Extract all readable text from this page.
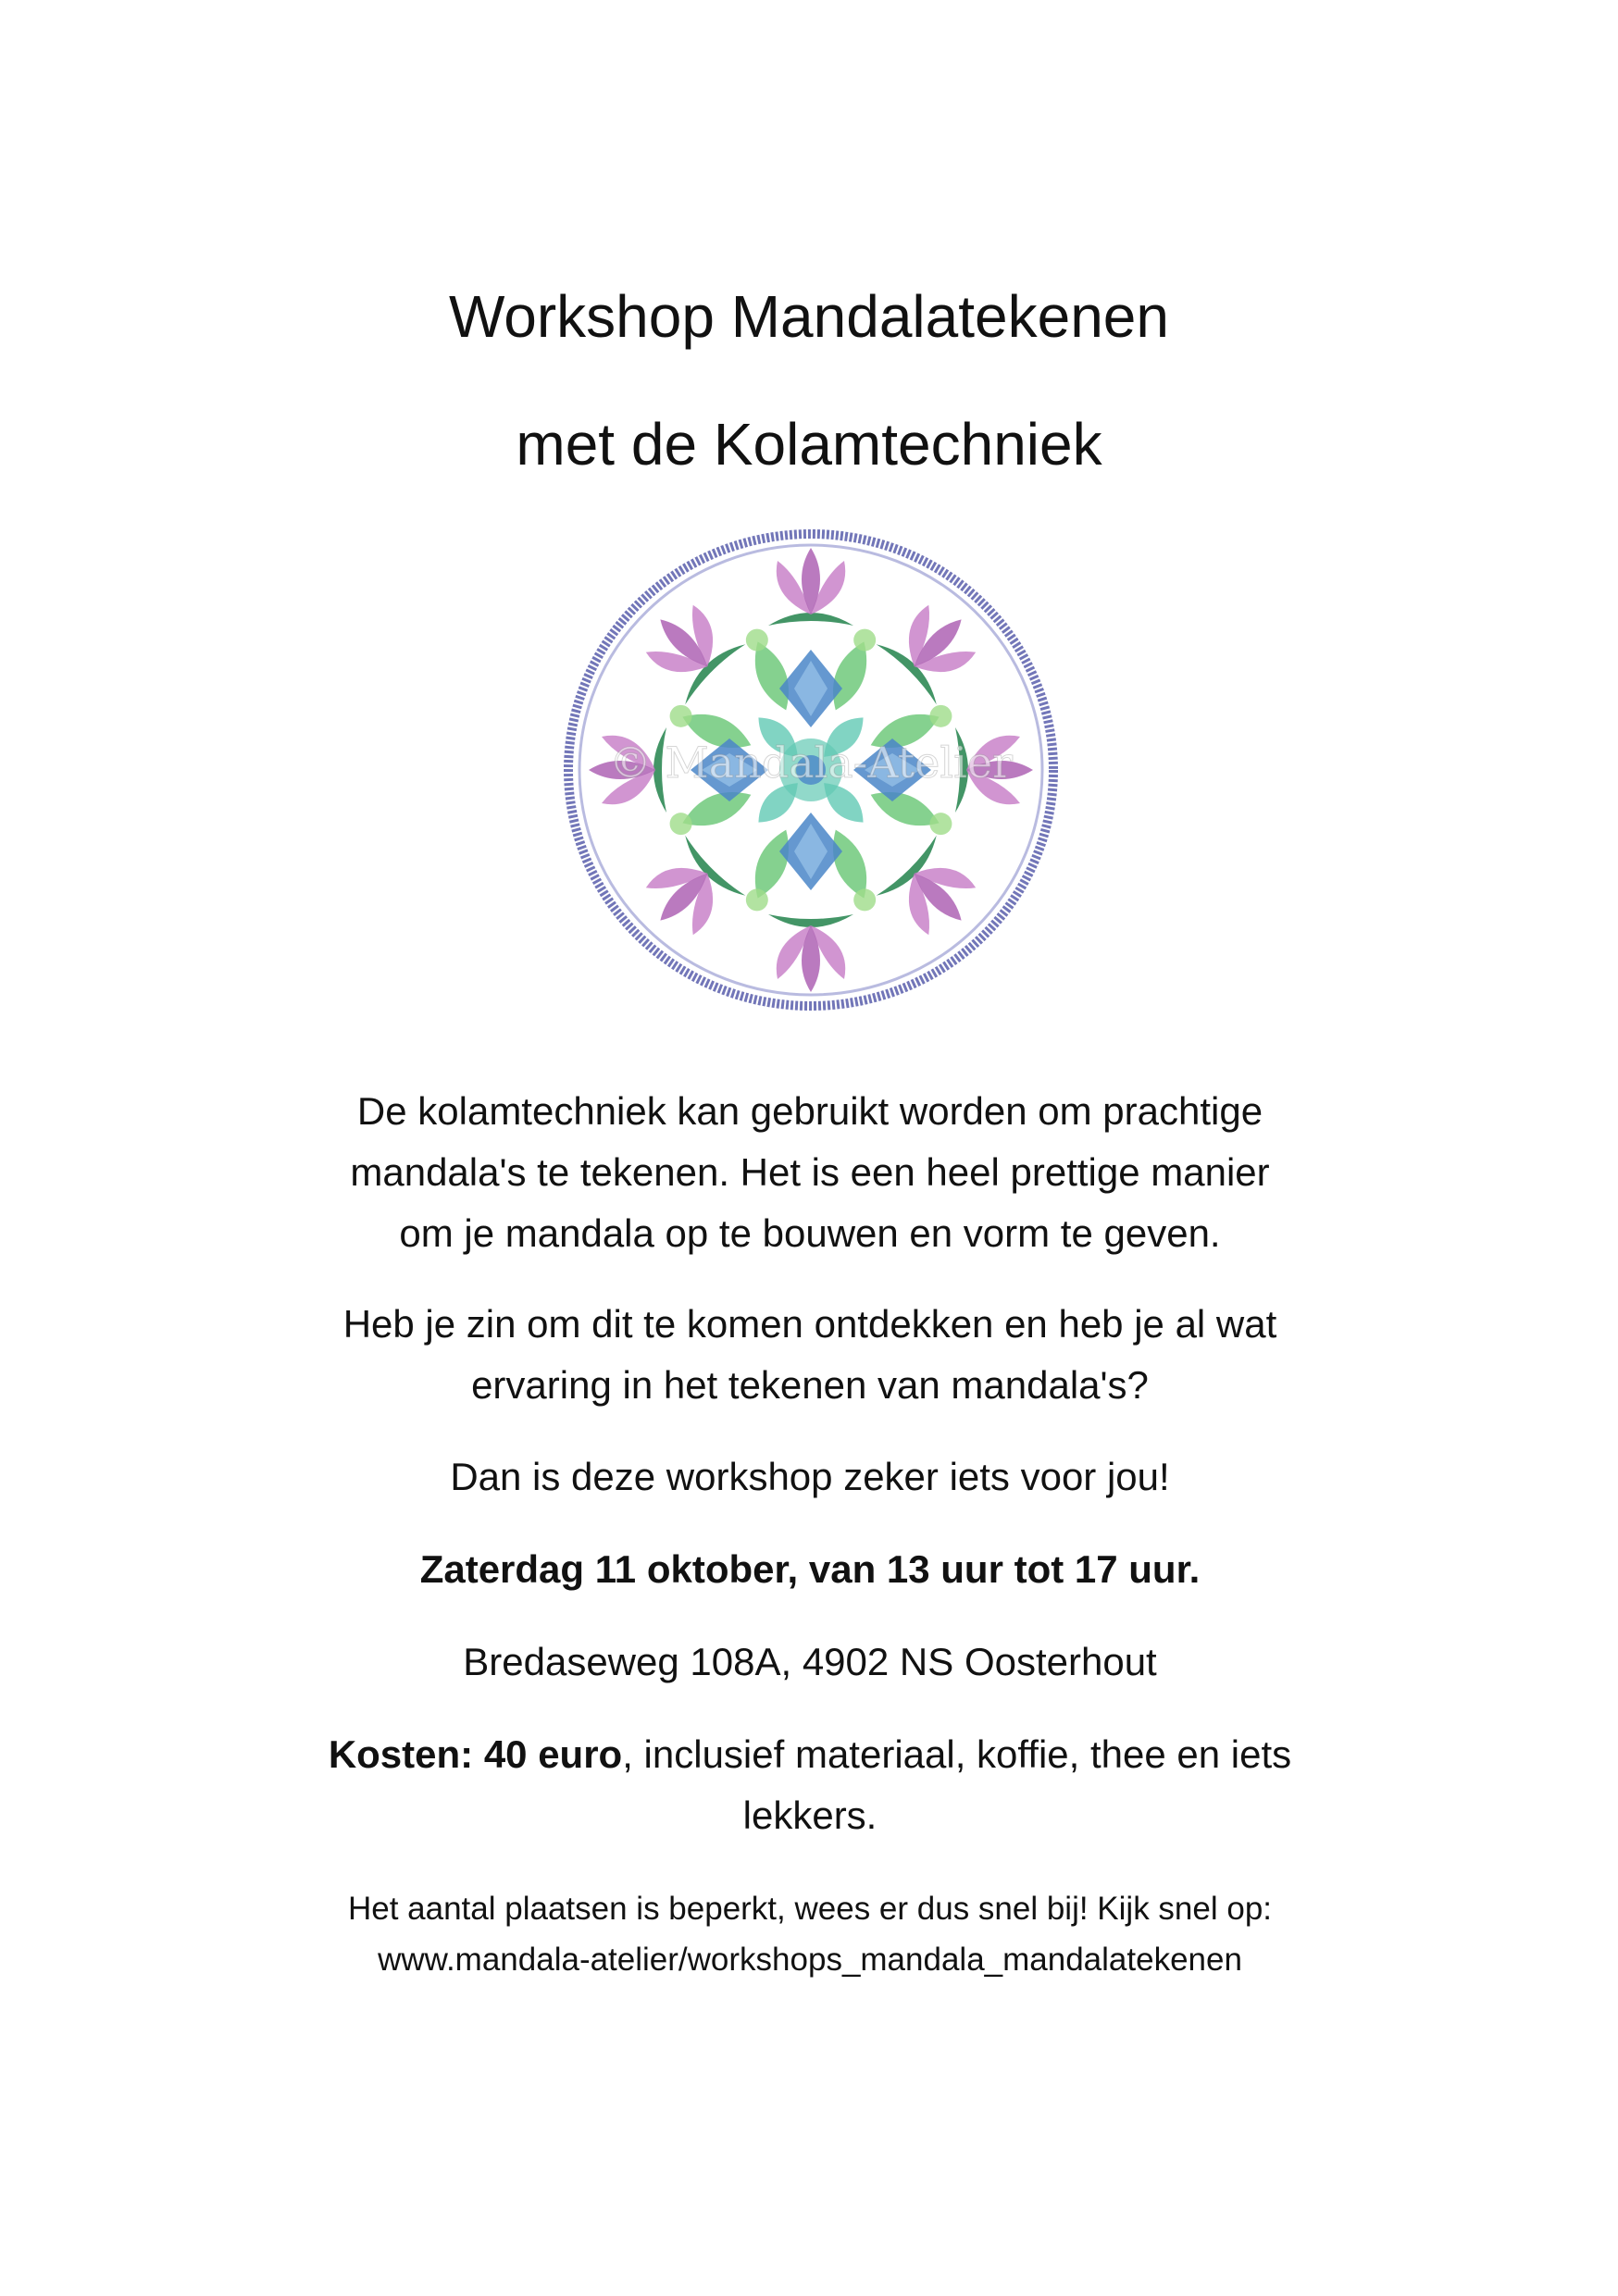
Workshop Mandalatekenen
met de Kolamtechniek
© Mandala-Atelier

De kolamtechniek kan gebruikt worden om prachtige
mandala's te tekenen. Het is een heel prettige manier
om je mandala op te bouwen en vorm te geven.

Heb je zin om dit te komen ontdekken en heb je al wat
ervaring in het tekenen van mandala's?

Dan is deze workshop zeker iets voor jou!

Zaterdag 11 oktober, van 13 uur tot 17 uur.

Bredaseweg 108A, 4902 NS Oosterhout

Kosten: 40 euro, inclusief materiaal, koffie, thee en iets
lekkers.

Het aantal plaatsen is beperkt, wees er dus snel bij! Kijk snel op:
www.mandala-atelier/workshops_mandala_mandalatekenen
